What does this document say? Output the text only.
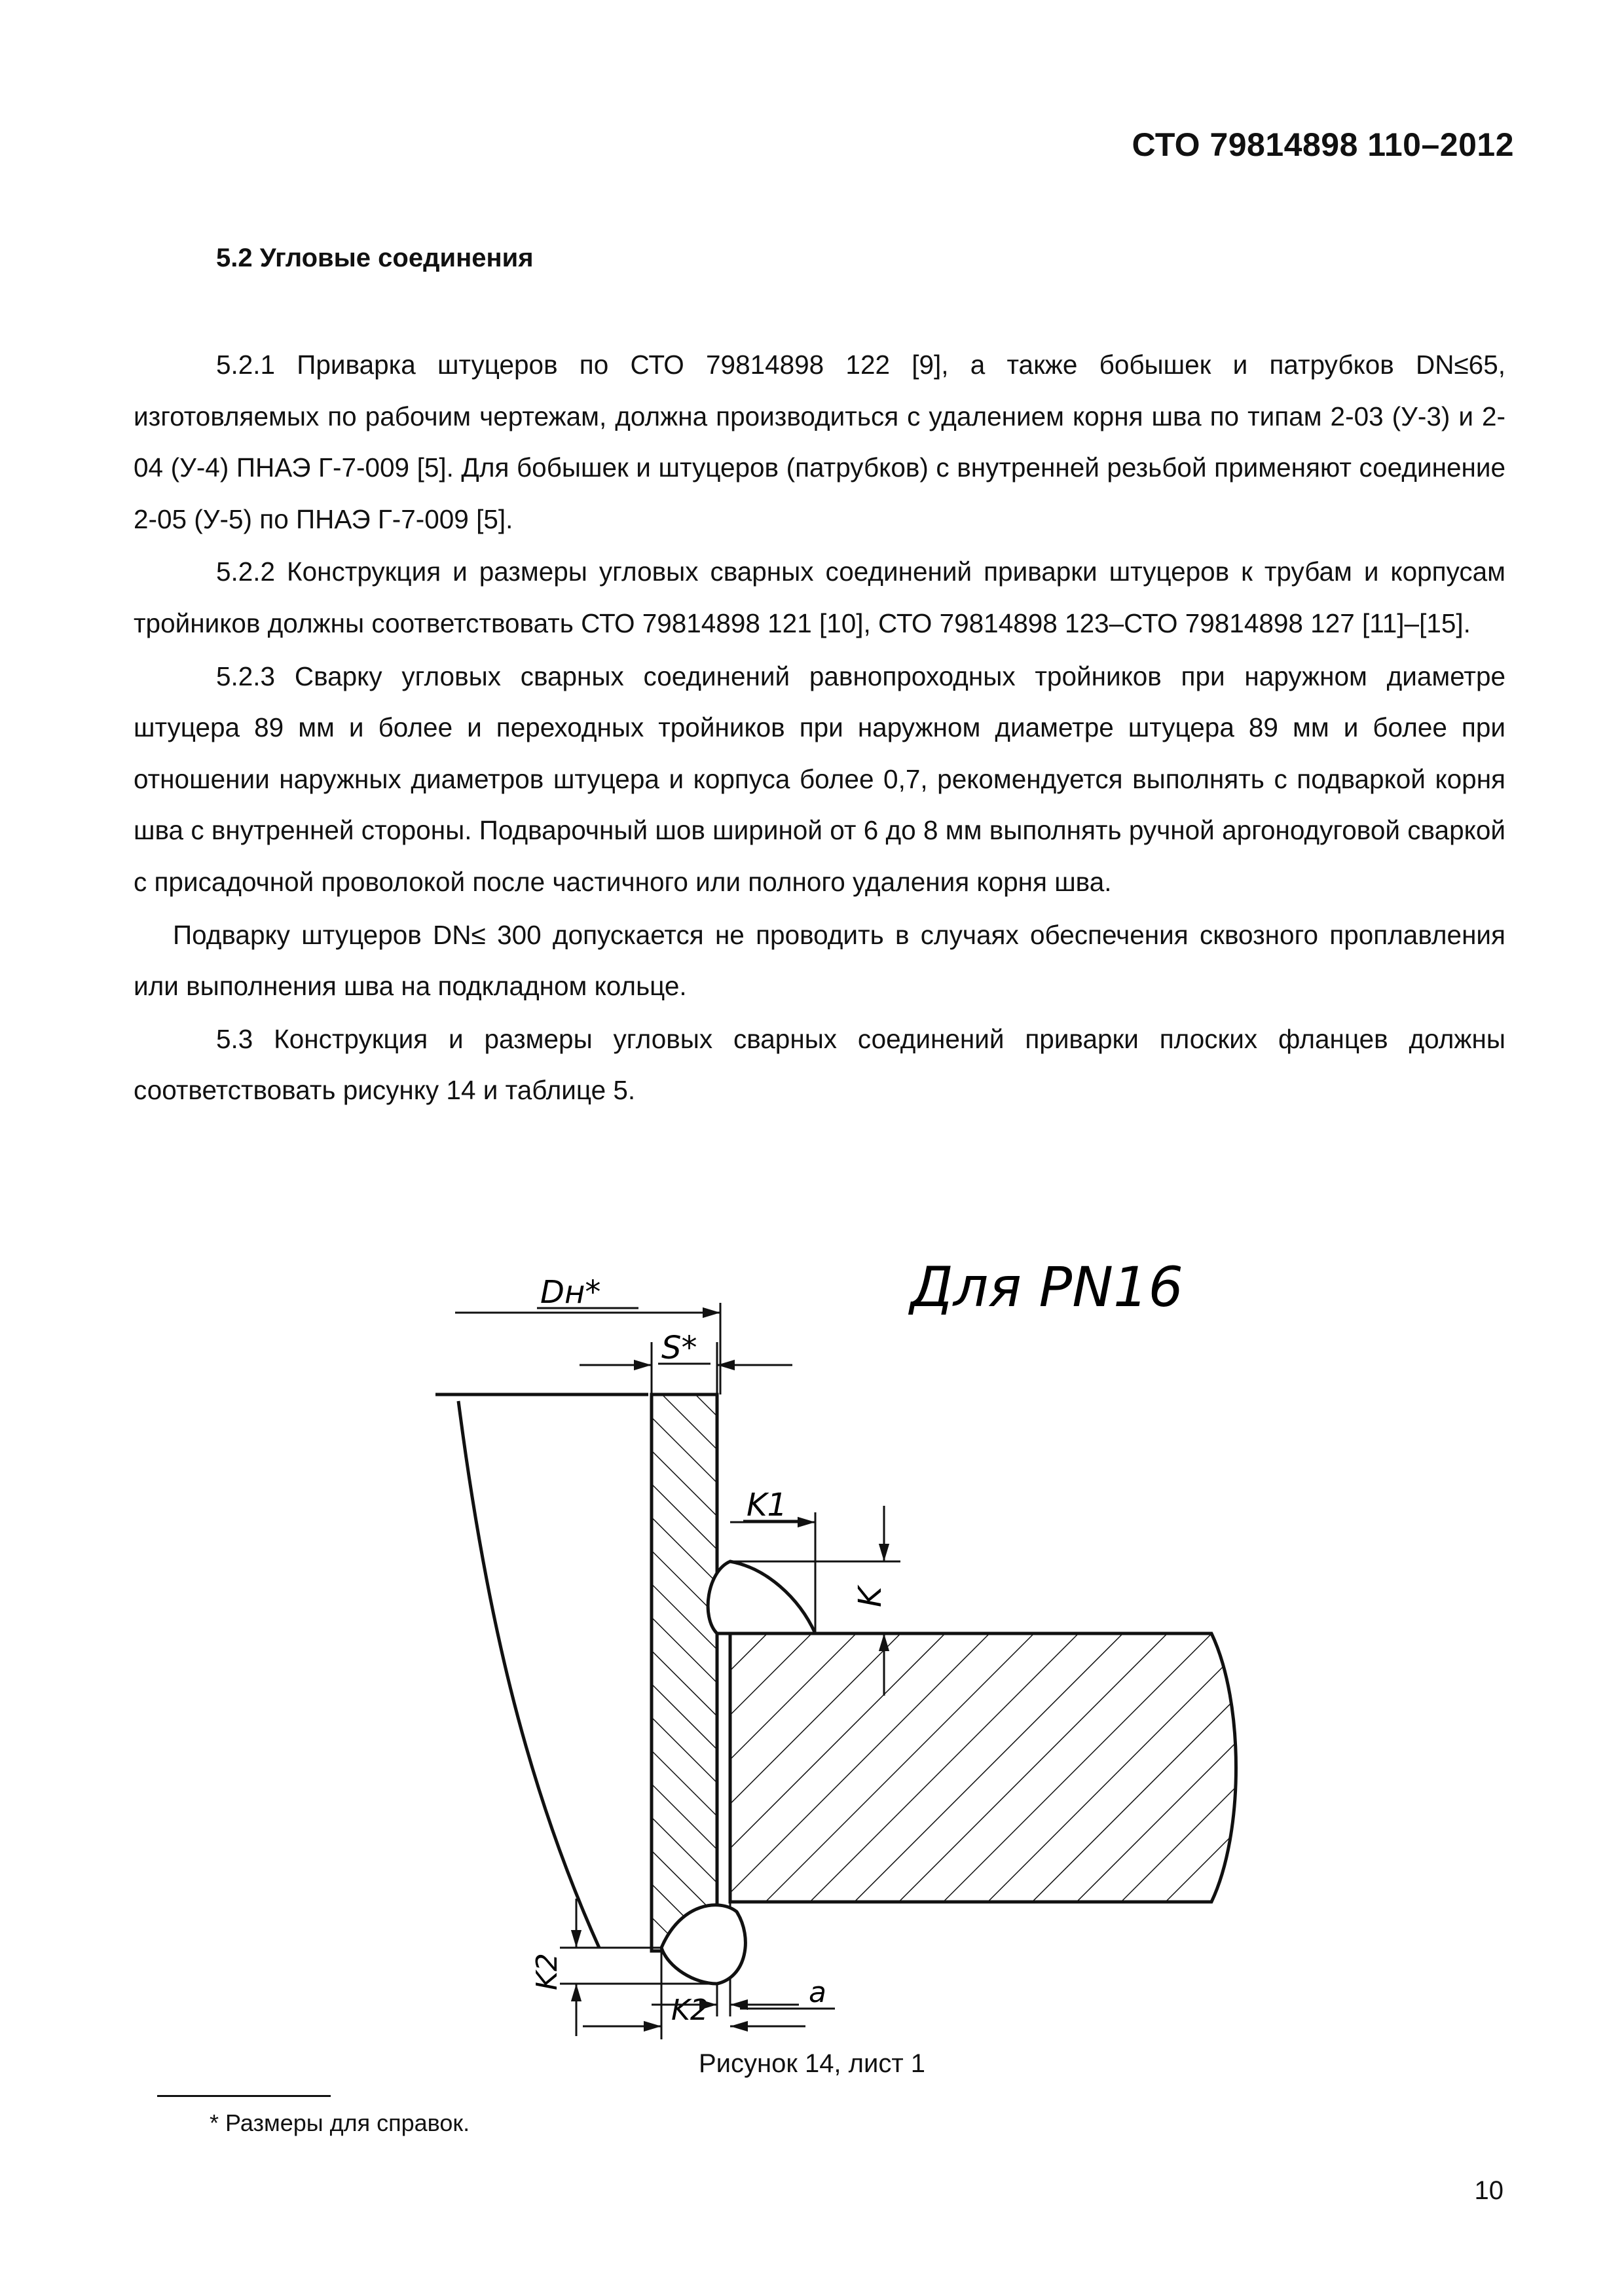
СТО 79814898 110–2012
5.2 Угловые соединения

5.2.1 Приварка штуцеров по СТО 79814898 122 [9], а также бобышек и патрубков DN≤65, изготовляемых по рабочим чертежам, должна производиться с удалением корня шва по типам 2-03 (У-3) и 2-04 (У-4) ПНАЭ Г-7-009 [5]. Для бобышек и штуцеров (патрубков) с внутренней резьбой применяют соединение 2-05 (У-5) по ПНАЭ Г-7-009 [5].

5.2.2 Конструкция и размеры угловых сварных соединений приварки штуцеров к трубам и корпусам тройников должны соответствовать СТО 79814898 121 [10], СТО 79814898 123–СТО 79814898 127 [11]–[15].

5.2.3 Сварку угловых сварных соединений равнопроходных тройников при наружном диаметре штуцера 89 мм и более и переходных тройников при наружном диаметре штуцера 89 мм и более при отношении наружных диаметров штуцера и корпуса более 0,7, рекомендуется выполнять с подваркой корня шва с внутренней стороны. Подварочный шов шириной от 6 до 8 мм выполнять ручной аргонодуговой сваркой с присадочной проволокой после частичного или полного удаления корня шва.

Подварку штуцеров DN≤ 300 допускается не проводить в случаях обеспечения сквозного проплавления или выполнения шва на подкладном кольце.

5.3 Конструкция и размеры угловых сварных соединений приварки плоских фланцев должны соответствовать рисунку 14 и таблице 5.

Dн*
S*
K1
K
K2
K2
a
Для PN16
Рисунок 14, лист 1
* Размеры для справок.
10
